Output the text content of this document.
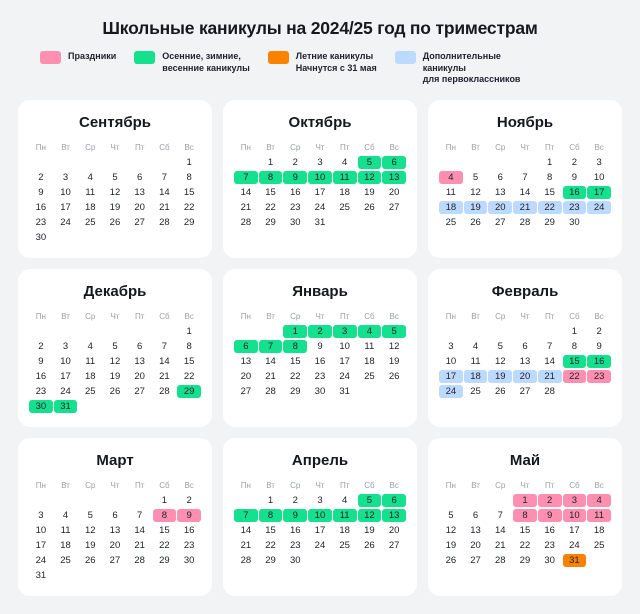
Школьные каникулы на 2024/25 год по триместрам
Праздники	Осенние, зимние,
весенние каникулы
Летние каникулы
Начнутся с 31 мая
Дополнительные
каникулы
для первоклассников
Сентябрь
Пн	Вт	Ср	Чт	Пт	Сб	Вс
						1
2	3	4	5	6	7	8
9	10	11	12	13	14	15
16	17	18	19	20	21	22
23	24	25	26	27	28	29
30						
Октябрь
Пн	Вт	Ср	Чт	Пт	Сб	Вс
	1	2	3	4	5	6
7	8	9	10	11	12	13
14	15	16	17	18	19	20
21	22	23	24	25	26	27
28	29	30	31			
Ноябрь
Пн	Вт	Ср	Чт	Пт	Сб	Вс
				1	2	3
4	5	6	7	8	9	10
11	12	13	14	15	16	17
18	19	20	21	22	23	24
25	26	27	28	29	30	
Декабрь
Пн	Вт	Ср	Чт	Пт	Сб	Вс
						1
2	3	4	5	6	7	8
9	10	11	12	13	14	15
16	17	18	19	20	21	22
23	24	25	26	27	28	29
30	31					
Январь
Пн	Вт	Ср	Чт	Пт	Сб	Вс
		1	2	3	4	5
6	7	8	9	10	11	12
13	14	15	16	17	18	19
20	21	22	23	24	25	26
27	28	29	30	31		
Февраль
Пн	Вт	Ср	Чт	Пт	Сб	Вс
					1	2
3	4	5	6	7	8	9
10	11	12	13	14	15	16
17	18	19	20	21	22	23
24	25	26	27	28		
Март
Пн	Вт	Ср	Чт	Пт	Сб	Вс
					1	2
3	4	5	6	7	8	9
10	11	12	13	14	15	16
17	18	19	20	21	22	23
24	25	26	27	28	29	30
31						
Апрель
Пн	Вт	Ср	Чт	Пт	Сб	Вс
	1	2	3	4	5	6
7	8	9	10	11	12	13
14	15	16	17	18	19	20
21	22	23	24	25	26	27
28	29	30				
Май
Пн	Вт	Ср	Чт	Пт	Сб	Вс
			1	2	3	4
5	6	7	8	9	10	11
12	13	14	15	16	17	18
19	20	21	22	23	24	25
26	27	28	29	30	31	
